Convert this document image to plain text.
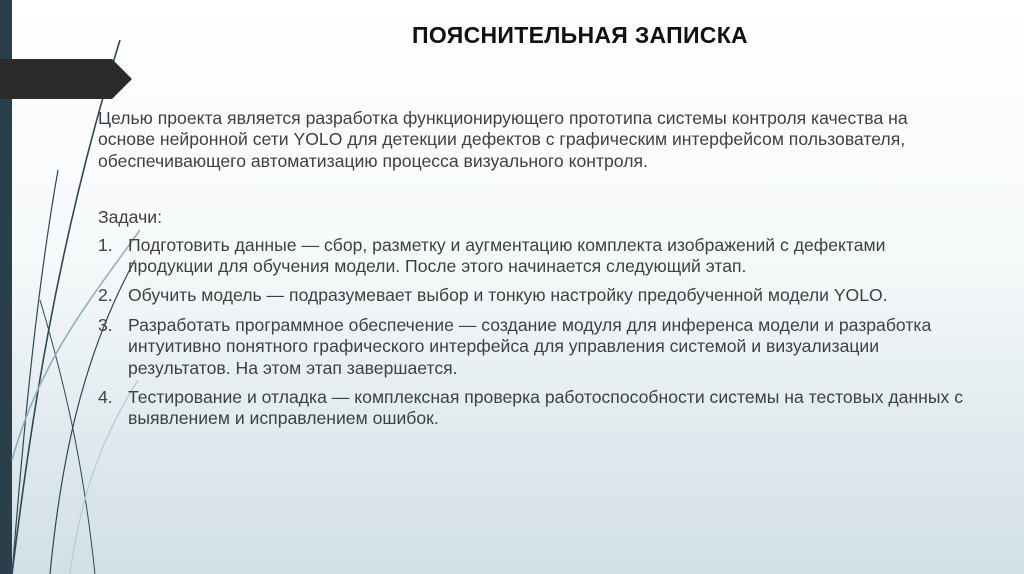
ПОЯСНИТЕЛЬНАЯ ЗАПИСКА

Целью проекта является разработка функционирующего прототипа системы контроля качества на основе нейронной сети YOLO для детекции дефектов с графическим интерфейсом пользователя, обеспечивающего автоматизацию процесса визуального контроля.

Задачи:

1. Подготовить данные — сбор, разметку и аугментацию комплекта изображений с дефектами продукции для обучения модели. После этого начинается следующий этап.
2. Обучить модель — подразумевает выбор и тонкую настройку предобученной модели YOLO.
3. Разработать программное обеспечение — создание модуля для инференса модели и разработка интуитивно понятного графического интерфейса для управления системой и визуализации результатов. На этом этап завершается.
4. Тестирование и отладка — комплексная проверка работоспособности системы на тестовых данных с выявлением и исправлением ошибок.
